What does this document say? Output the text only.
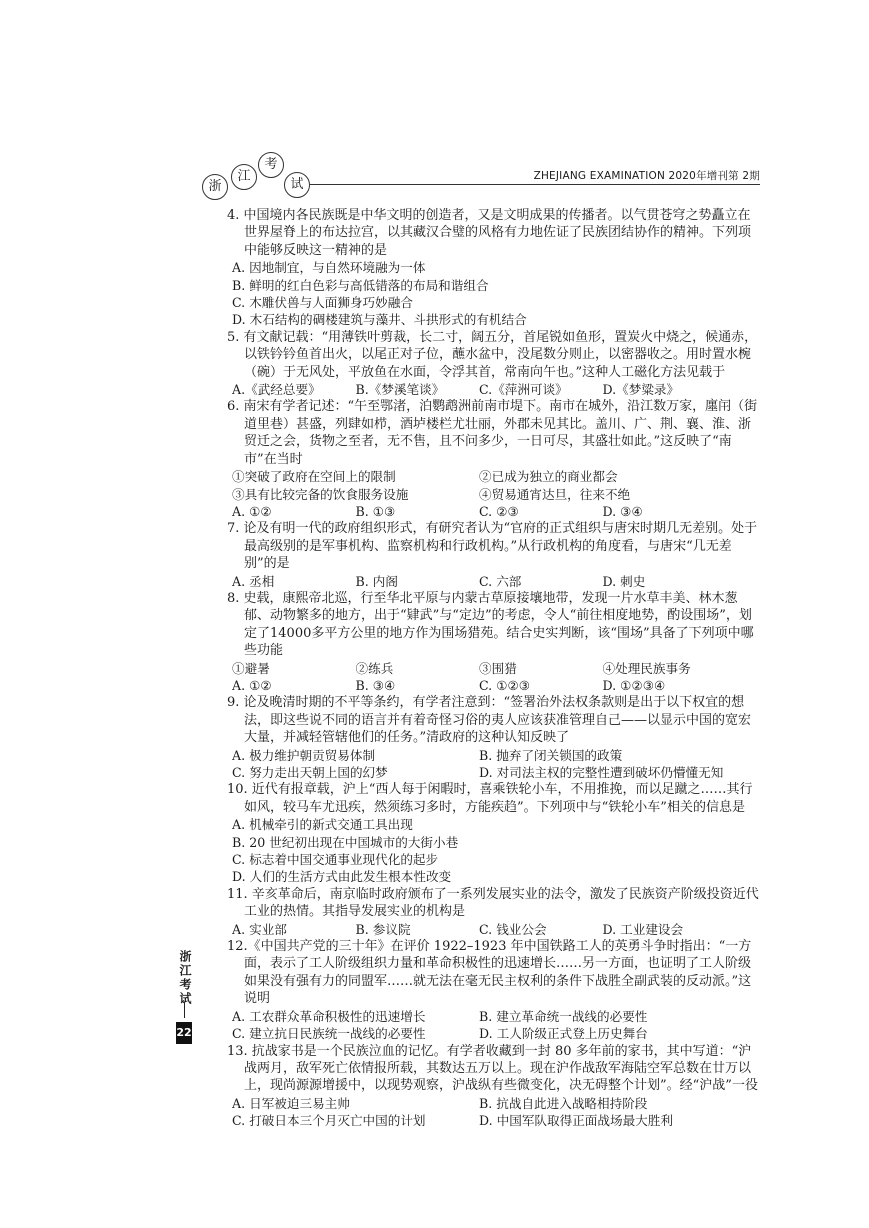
浙
江
考
试
ZHEJIANG EXAMINATION 2020年增刊第 2期

4. 中国境内各民族既是中华文明的创造者，又是文明成果的传播者。以气贯苍穹之势矗立在世界屋脊上的布达拉宫，以其藏汉合璧的风格有力地佐证了民族团结协作的精神。下列项中能够反映这一精神的是

A. 因地制宜，与自然环境融为一体
B. 鲜明的红白色彩与高低错落的布局和谐组合
C. 木雕伏兽与人面狮身巧妙融合
D. 木石结构的碉楼建筑与藻井、斗拱形式的有机结合

5. 有文献记载：“用薄铁叶剪裁，长二寸，阔五分，首尾锐如鱼形，置炭火中烧之，候通赤，以铁钤钤鱼首出火，以尾正对子位，蘸水盆中，没尾数分则止，以密器收之。用时置水椀（碗）于无风处，平放鱼在水面，令浮其首，常南向午也。”这种人工磁化方法见载于

A.《武经总要》	B.《梦溪笔谈》	C.《萍洲可谈》	D.《梦粱录》

6. 南宋有学者记述：“午至鄂渚，泊鹦鹉洲前南市堤下。南市在城外，沿江数万家，廛闬（街道里巷）甚盛，列肆如栉，酒垆楼栏尤壮丽，外郡未见其比。盖川、广、荆、襄、淮、浙贸迁之会，货物之至者，无不售，且不问多少，一日可尽，其盛壮如此。”这反映了“南市”在当时

①突破了政府在空间上的限制	②已成为独立的商业都会
③具有比较完备的饮食服务设施	④贸易通宵达旦，往来不绝
A. ①②	B. ①③	C. ②③	D. ③④

7. 论及有明一代的政府组织形式，有研究者认为“官府的正式组织与唐宋时期几无差别。处于最高级别的是军事机构、监察机构和行政机构。”从行政机构的角度看，与唐宋“几无差别”的是

A. 丞相	B. 内阁	C. 六部	D. 刺史

8. 史载，康熙帝北巡，行至华北平原与内蒙古草原接壤地带，发现一片水草丰美、林木葱郁、动物繁多的地方，出于“肄武”与“定边”的考虑，令人“前往相度地势，酌设围场”，划定了14000多平方公里的地方作为围场猎苑。结合史实判断，该“围场”具备了下列项中哪些功能

①避暑	②练兵	③围猎	④处理民族事务
A. ①②	B. ③④	C. ①②③	D. ①②③④

9. 论及晚清时期的不平等条约，有学者注意到：“签署治外法权条款则是出于以下权宜的想法，即这些说不同的语言并有着奇怪习俗的夷人应该获准管理自己——以显示中国的宽宏大量，并减轻管辖他们的任务。”清政府的这种认知反映了

A. 极力维护朝贡贸易体制	B. 抛弃了闭关锁国的政策
C. 努力走出天朝上国的幻梦	D. 对司法主权的完整性遭到破坏仍懵懂无知

10. 近代有报章载，沪上“西人每于闲暇时，喜乘铁轮小车，不用推挽，而以足蹴之……其行如风，较马车尤迅疾，然须练习多时，方能疾趋”。下列项中与“铁轮小车”相关的信息是

A. 机械牵引的新式交通工具出现
B. 20 世纪初出现在中国城市的大街小巷
C. 标志着中国交通事业现代化的起步
D. 人们的生活方式由此发生根本性改变

11. 辛亥革命后，南京临时政府颁布了一系列发展实业的法令，激发了民族资产阶级投资近代工业的热情。其指导发展实业的机构是

A. 实业部	B. 参议院	C. 钱业公会	D. 工业建设会

12.《中国共产党的三十年》在评价 1922–1923 年中国铁路工人的英勇斗争时指出：“一方面，表示了工人阶级组织力量和革命积极性的迅速增长……另一方面，也证明了工人阶级如果没有强有力的同盟军……就无法在毫无民主权利的条件下战胜全副武装的反动派。”这说明

A. 工农群众革命积极性的迅速增长	B. 建立革命统一战线的必要性
C. 建立抗日民族统一战线的必要性	D. 工人阶级正式登上历史舞台

13. 抗战家书是一个民族泣血的记忆。有学者收藏到一封 80 多年前的家书，其中写道：“沪战两月，敌军死亡依情报所载，其数达五万以上。现在沪作战敌军海陆空军总数在廿万以上，现尚源源增援中，以现势观察，沪战纵有些微变化，决无碍整个计划”。经“沪战”一役

A. 日军被迫三易主帅	B. 抗战自此进入战略相持阶段
C. 打破日本三个月灭亡中国的计划	D. 中国军队取得正面战场最大胜利
浙江考试
22
